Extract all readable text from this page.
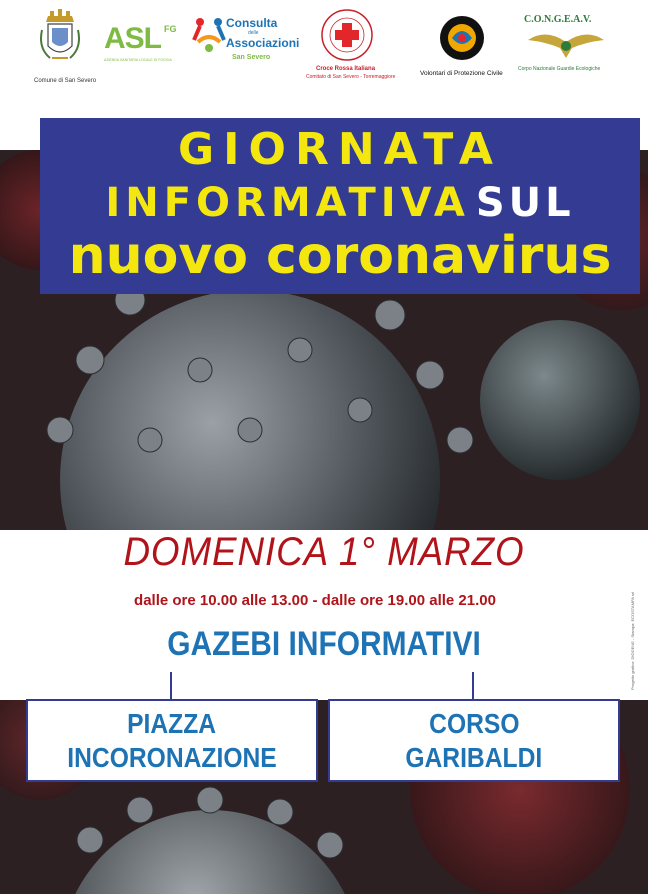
Comune di San Severo
ASL FG
AZIENDA SANITARIA LOCALE DI FOGGIA
Consulta
delle
Associazioni
San Severo
Croce Rossa Italiana
Comitato di San Severo - Torremaggiore	Volontari di Protezione Civile
C.O.N.G.E.A.V.
Corpo Nazionale Guardie Ecologiche
GIORNATA
INFORMATIVA SUL
nuovo coronavirus
DOMENICA 1° MARZO
dalle ore 10.00 alle 13.00 - dalle ore 19.00 alle 21.00
GAZEBI INFORMATIVI
PIAZZA
INCORONAZIONE
CORSO
GARIBALDI
Progetto grafico: DIOGENE - Stampa: ECOSTAMPA srl
